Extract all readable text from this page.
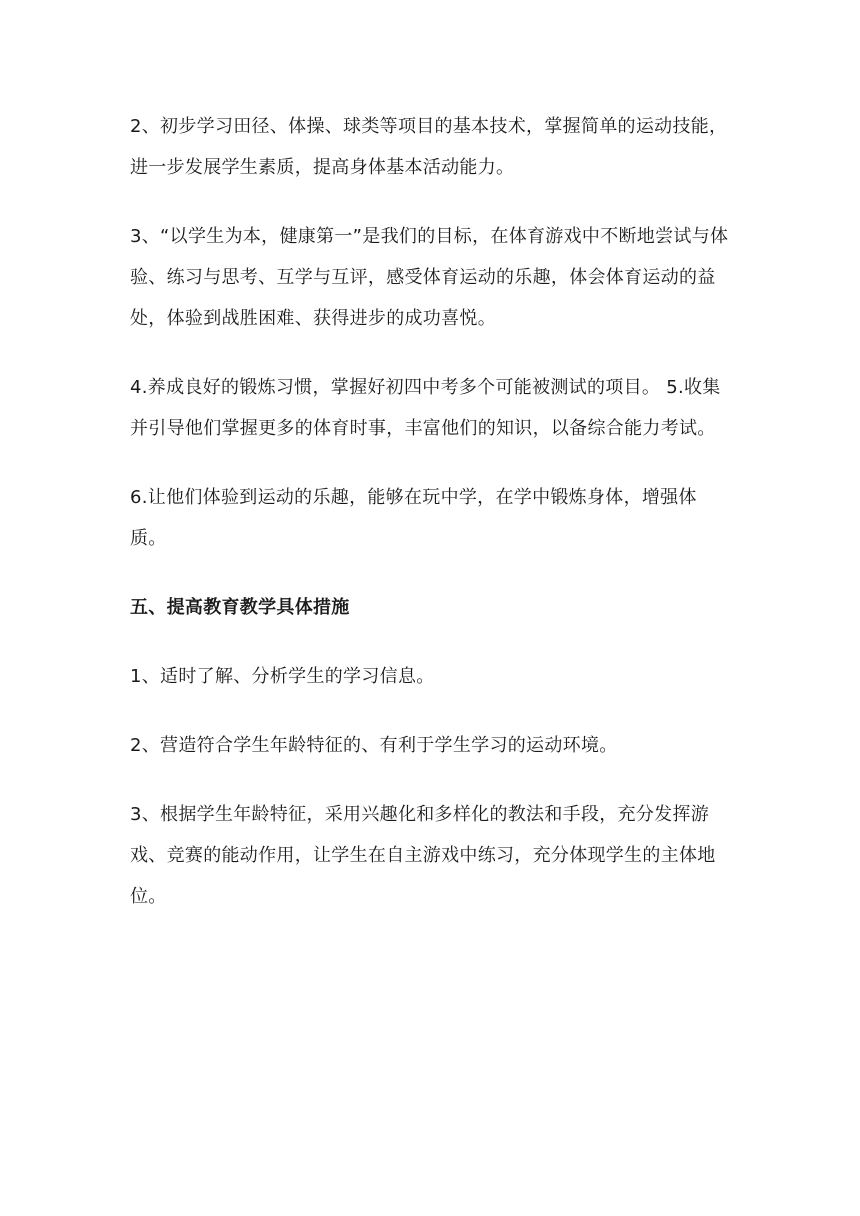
2、初步学习田径、体操、球类等项目的基本技术，掌握简单的运动技能，进一步发展学生素质，提高身体基本活动能力。

3、“以学生为本，健康第一”是我们的目标，在体育游戏中不断地尝试与体验、练习与思考、互学与互评，感受体育运动的乐趣，体会体育运动的益处，体验到战胜困难、获得进步的成功喜悦。

4.养成良好的锻炼习惯，掌握好初四中考多个可能被测试的项目。 5.收集并引导他们掌握更多的体育时事，丰富他们的知识，以备综合能力考试。

6.让他们体验到运动的乐趣，能够在玩中学，在学中锻炼身体，增强体质。

五、提高教育教学具体措施

1、适时了解、分析学生的学习信息。

2、营造符合学生年龄特征的、有利于学生学习的运动环境。

3、根据学生年龄特征，采用兴趣化和多样化的教法和手段，充分发挥游戏、竞赛的能动作用，让学生在自主游戏中练习，充分体现学生的主体地位。
